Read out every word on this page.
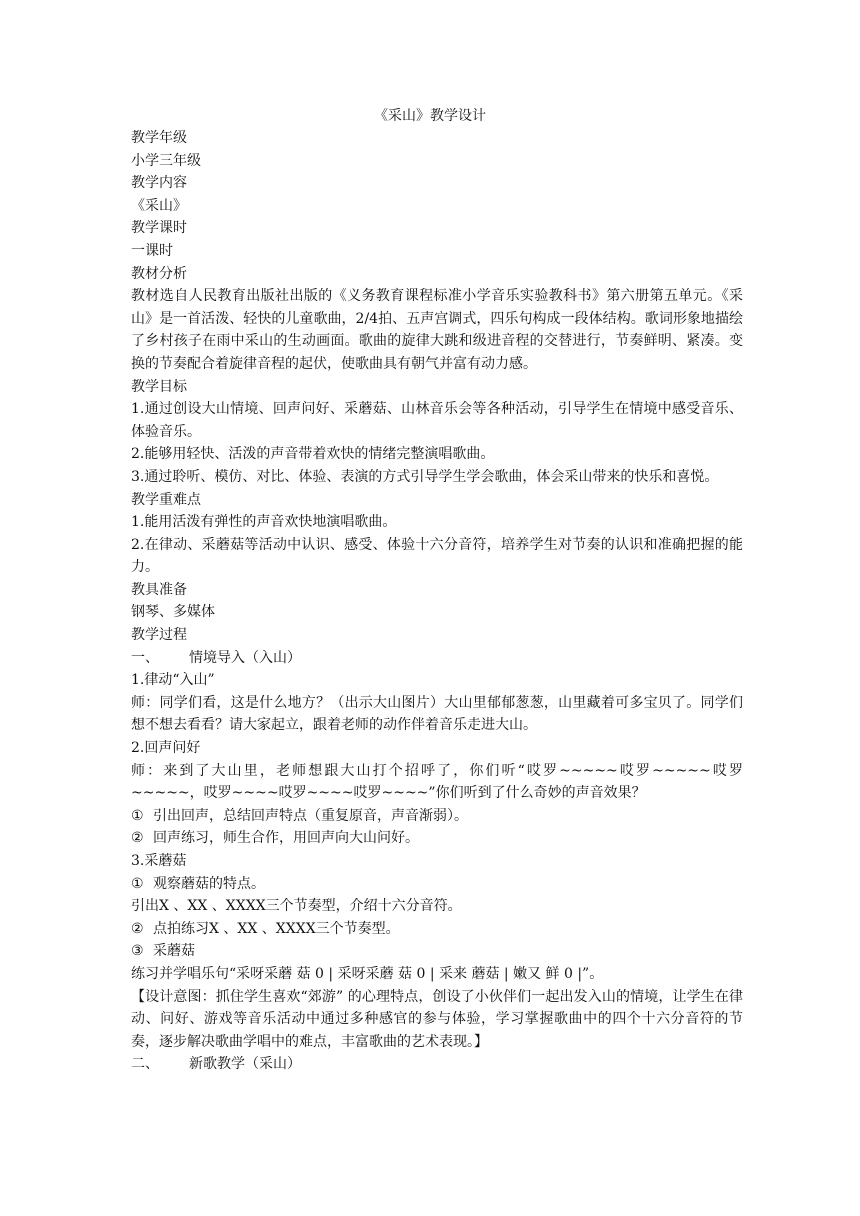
《采山》教学设计

教学年级

小学三年级

教学内容

《采山》

教学课时

一课时

教材分析

教材选自人民教育出版社出版的《义务教育课程标准小学音乐实验教科书》第六册第五单元。《采山》是一首活泼、轻快的儿童歌曲，2/4拍、五声宫调式，四乐句构成一段体结构。歌词形象地描绘了乡村孩子在雨中采山的生动画面。歌曲的旋律大跳和级进音程的交替进行，节奏鲜明、紧凑。变换的节奏配合着旋律音程的起伏，使歌曲具有朝气并富有动力感。

教学目标

1.通过创设大山情境、回声问好、采蘑菇、山林音乐会等各种活动，引导学生在情境中感受音乐、体验音乐。

2.能够用轻快、活泼的声音带着欢快的情绪完整演唱歌曲。

3.通过聆听、模仿、对比、体验、表演的方式引导学生学会歌曲，体会采山带来的快乐和喜悦。

教学重难点

1.能用活泼有弹性的声音欢快地演唱歌曲。

2.在律动、采蘑菇等活动中认识、感受、体验十六分音符，培养学生对节奏的认识和准确把握的能力。

教具准备

钢琴、多媒体

教学过程

一、 情境导入（入山）

1.律动“入山”

师：同学们看，这是什么地方？（出示大山图片）大山里郁郁葱葱，山里藏着可多宝贝了。同学们想不想去看看？请大家起立，跟着老师的动作伴着音乐走进大山。

2.回声问好

师：来到了大山里，老师想跟大山打个招呼了，你们听“哎罗~~~~~哎罗~~~~~哎罗~~~~~，哎罗~~~~哎罗~~~~哎罗~~~~”你们听到了什么奇妙的声音效果？

① 引出回声，总结回声特点（重复原音，声音渐弱）。

② 回声练习，师生合作，用回声向大山问好。

3.采蘑菇

① 观察蘑菇的特点。

引出X 、XX 、XXXX三个节奏型，介绍十六分音符。

② 点拍练习X 、XX 、XXXX三个节奏型。

③ 采蘑菇

练习并学唱乐句“采呀采蘑 菇 0 | 采呀采蘑 菇 0 | 采来 蘑菇 | 嫩又 鲜 0 |”。

【设计意图：抓住学生喜欢“郊游” 的心理特点，创设了小伙伴们一起出发入山的情境，让学生在律动、问好、游戏等音乐活动中通过多种感官的参与体验，学习掌握歌曲中的四个十六分音符的节奏，逐步解决歌曲学唱中的难点，丰富歌曲的艺术表现。】

二、 新歌教学（采山）
